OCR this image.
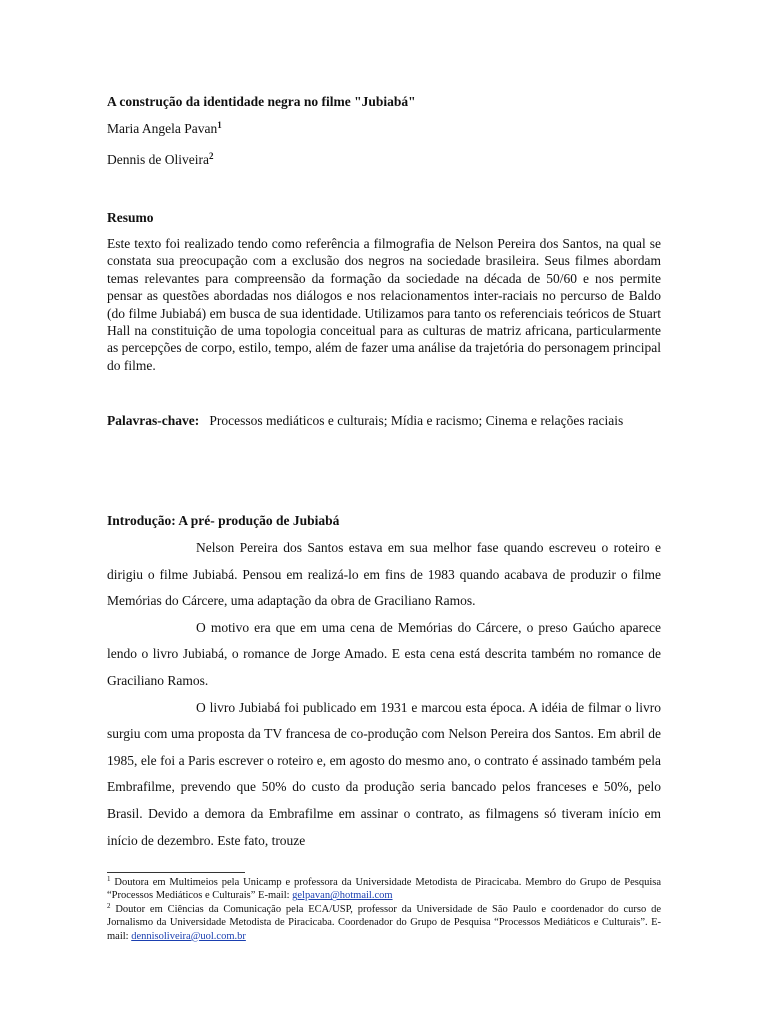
A construção da identidade negra no filme "Jubiabá"
Maria Angela Pavan$^1$
Dennis de Oliveira$^2$
Resumo

Este texto foi realizado tendo como referência a filmografia de Nelson Pereira dos Santos, na qual se constata sua preocupação com a exclusão dos negros na sociedade brasileira. Seus filmes abordam temas relevantes para compreensão da formação da sociedade na década de 50/60 e nos permite pensar as questões abordadas nos diálogos e nos relacionamentos inter-raciais no percurso de Baldo (do filme Jubiabá) em busca de sua identidade. Utilizamos para tanto os referenciais teóricos de Stuart Hall na constituição de uma topologia conceitual para as culturas de matriz africana, particularmente as percepções de corpo, estilo, tempo, além de fazer uma análise da trajetória do personagem principal do filme.

Palavras-chave: Processos mediáticos e culturais; Mídia e racismo; Cinema e relações raciais

Introdução: A pré- produção de Jubiabá

Nelson Pereira dos Santos estava em sua melhor fase quando escreveu o roteiro e dirigiu o filme Jubiabá. Pensou em realizá-lo em fins de 1983 quando acabava de produzir o filme Memórias do Cárcere, uma adaptação da obra de Graciliano Ramos.

O motivo era que em uma cena de Memórias do Cárcere, o preso Gaúcho aparece lendo o livro Jubiabá, o romance de Jorge Amado. E esta cena está descrita também no romance de Graciliano Ramos.

O livro Jubiabá foi publicado em 1931 e marcou esta época. A idéia de filmar o livro surgiu com uma proposta da TV francesa de co-produção com Nelson Pereira dos Santos. Em abril de 1985, ele foi a Paris escrever o roteiro e, em agosto do mesmo ano, o contrato é assinado também pela Embrafilme, prevendo que 50% do custo da produção seria bancado pelos franceses e 50%, pelo Brasil. Devido a demora da Embrafilme em assinar o contrato, as filmagens só tiveram início em início de dezembro. Este fato, trouze

$^1$ Doutora em Multimeios pela Unicamp e professora da Universidade Metodista de Piracicaba. Membro do Grupo de Pesquisa “Processos Mediáticos e Culturais” E-mail: gelpavan@hotmail.com

$^2$ Doutor em Ciências da Comunicação pela ECA/USP, professor da Universidade de São Paulo e coordenador do curso de Jornalismo da Universidade Metodista de Piracicaba. Coordenador do Grupo de Pesquisa “Processos Mediáticos e Culturais”. E-mail: dennisoliveira@uol.com.br
